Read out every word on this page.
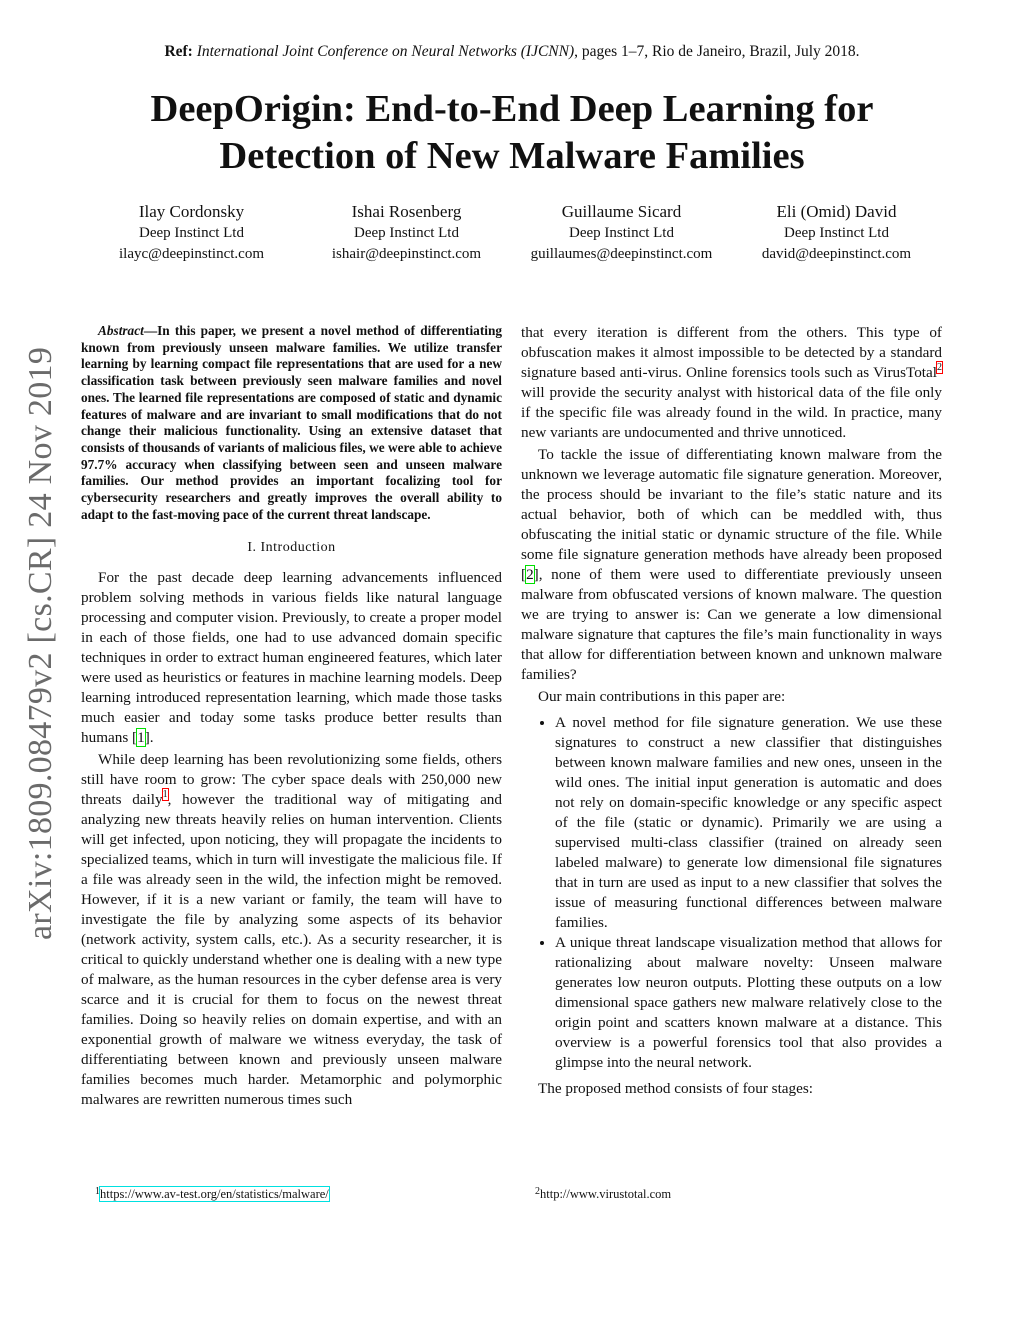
Ref: International Joint Conference on Neural Networks (IJCNN), pages 1–7, Rio de Janeiro, Brazil, July 2018.
DeepOrigin: End-to-End Deep Learning for
Detection of New Malware Families
Ilay Cordonsky
Deep Instinct Ltd
ilayc@deepinstinct.com
Ishai Rosenberg
Deep Instinct Ltd
ishair@deepinstinct.com
Guillaume Sicard
Deep Instinct Ltd
guillaumes@deepinstinct.com
Eli (Omid) David
Deep Instinct Ltd
david@deepinstinct.com
arXiv:1809.08479v2 [cs.CR] 24 Nov 2019

Abstract—In this paper, we present a novel method of differentiating known from previously unseen malware families. We utilize transfer learning by learning compact file representations that are used for a new classification task between previously seen malware families and novel ones. The learned file representations are composed of static and dynamic features of malware and are invariant to small modifications that do not change their malicious functionality. Using an extensive dataset that consists of thousands of variants of malicious files, we were able to achieve 97.7% accuracy when classifying between seen and unseen malware families. Our method provides an important focalizing tool for cybersecurity researchers and greatly improves the overall ability to adapt to the fast-moving pace of the current threat landscape.

I. Introduction

For the past decade deep learning advancements influenced problem solving methods in various fields like natural language processing and computer vision. Previously, to create a proper model in each of those fields, one had to use advanced domain specific techniques in order to extract human engineered features, which later were used as heuristics or features in machine learning models. Deep learning introduced representation learning, which made those tasks much easier and today some tasks produce better results than humans [1].

While deep learning has been revolutionizing some fields, others still have room to grow: The cyber space deals with 250,000 new threats daily$^1$, however the traditional way of mitigating and analyzing new threats heavily relies on human intervention. Clients will get infected, upon noticing, they will propagate the incidents to specialized teams, which in turn will investigate the malicious file. If a file was already seen in the wild, the infection might be removed. However, if it is a new variant or family, the team will have to investigate the file by analyzing some aspects of its behavior (network activity, system calls, etc.). As a security researcher, it is critical to quickly understand whether one is dealing with a new type of malware, as the human resources in the cyber defense area is very scarce and it is crucial for them to focus on the newest threat families. Doing so heavily relies on domain expertise, and with an exponential growth of malware we witness everyday, the task of differentiating between known and previously unseen malware families becomes much harder. Metamorphic and polymorphic malwares are rewritten numerous times such

that every iteration is different from the others. This type of obfuscation makes it almost impossible to be detected by a standard signature based anti-virus. Online forensics tools such as VirusTotal$^2$ will provide the security analyst with historical data of the file only if the specific file was already found in the wild. In practice, many new variants are undocumented and thrive unnoticed.

To tackle the issue of differentiating known malware from the unknown we leverage automatic file signature generation. Moreover, the process should be invariant to the file’s static nature and its actual behavior, both of which can be meddled with, thus obfuscating the initial static or dynamic structure of the file. While some file signature generation methods have already been proposed [2], none of them were used to differentiate previously unseen malware from obfuscated versions of known malware. The question we are trying to answer is: Can we generate a low dimensional malware signature that captures the file’s main functionality in ways that allow for differentiation between known and unknown malware families?

Our main contributions in this paper are:

• A novel method for file signature generation. We use these signatures to construct a new classifier that distinguishes between known malware families and new ones, unseen in the wild ones. The initial input generation is automatic and does not rely on domain-specific knowledge or any specific aspect of the file (static or dynamic). Primarily we are using a supervised multi-class classifier (trained on already seen labeled malware) to generate low dimensional file signatures that in turn are used as input to a new classifier that solves the issue of measuring functional differences between malware families.
• A unique threat landscape visualization method that allows for rationalizing about malware novelty: Unseen malware generates low neuron outputs. Plotting these outputs on a low dimensional space gathers new malware relatively close to the origin point and scatters known malware at a distance. This overview is a powerful forensics tool that also provides a glimpse into the neural network.

The proposed method consists of four stages:

$^1$https://www.av-test.org/en/statistics/malware/	$^2$http://www.virustotal.com
